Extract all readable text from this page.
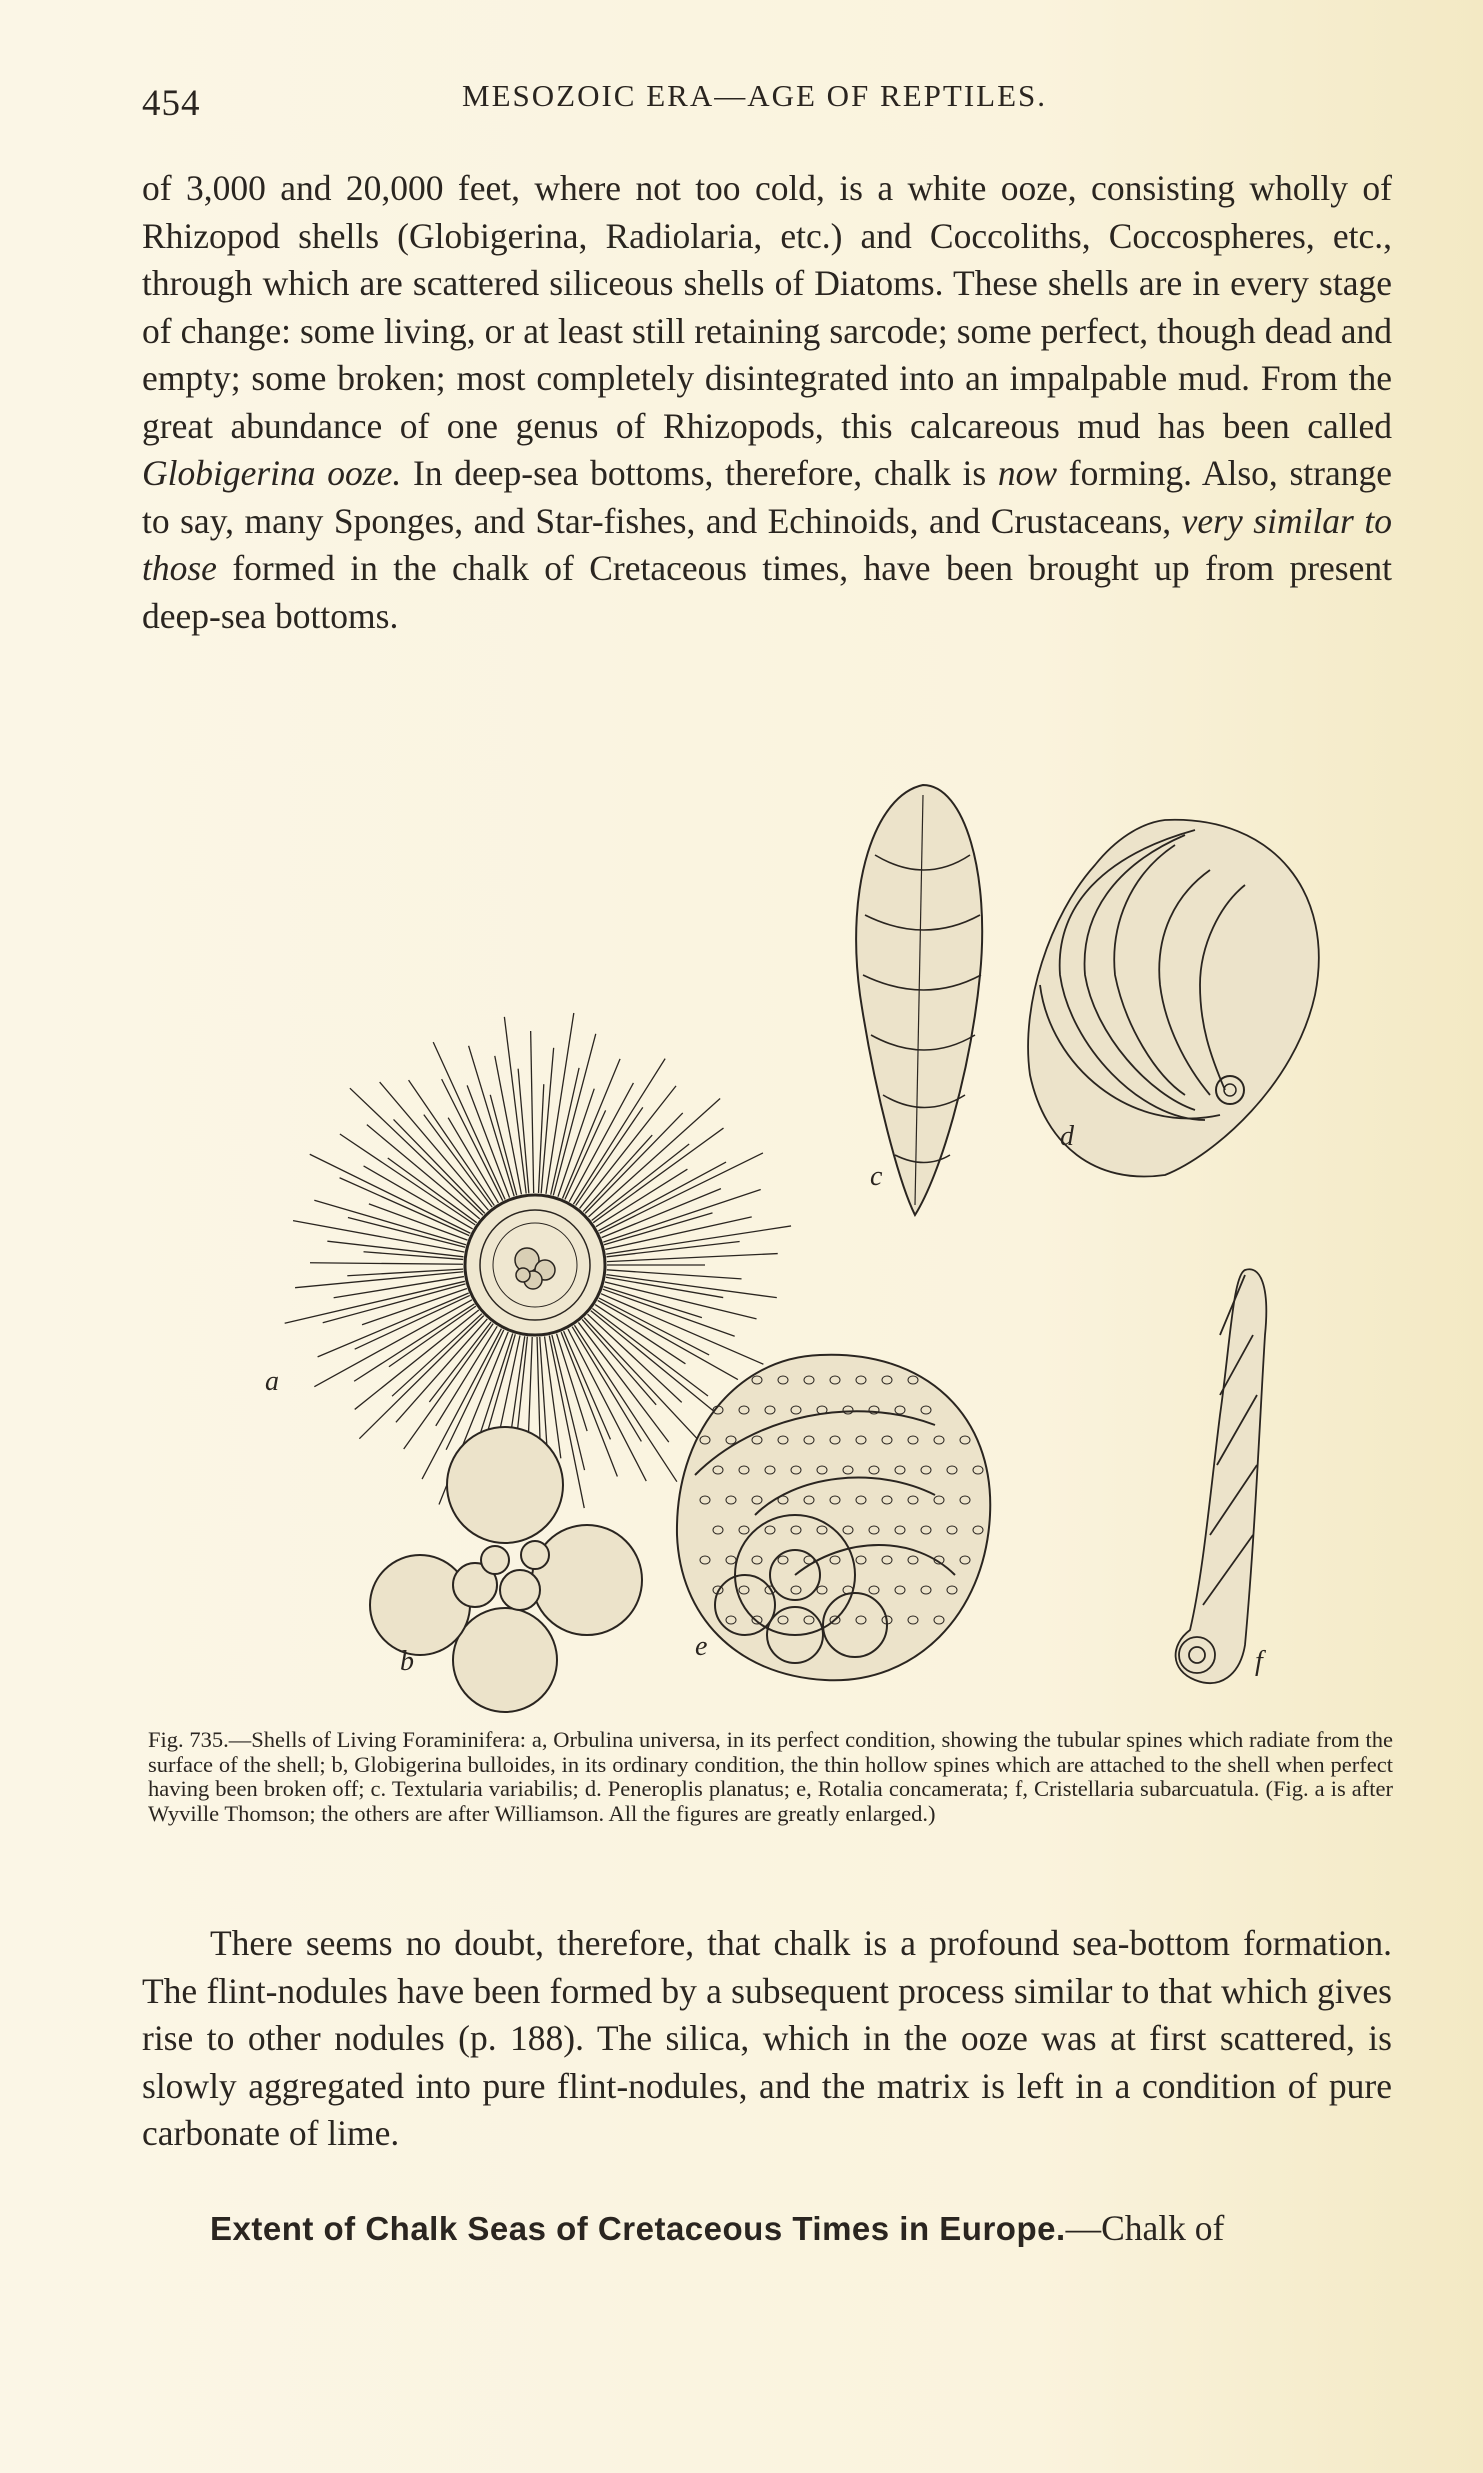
454	MESOZOIC ERA—AGE OF REPTILES.

of 3,000 and 20,000 feet, where not too cold, is a white ooze, consisting wholly of Rhizopod shells (Globigerina, Radiolaria, etc.) and Coccoliths, Coccospheres, etc., through which are scattered siliceous shells of Diatoms. These shells are in every stage of change: some living, or at least still retaining sarcode; some perfect, though dead and empty; some broken; most completely disintegrated into an impalpable mud. From the great abundance of one genus of Rhizopods, this calcareous mud has been called Globigerina ooze. In deep-sea bottoms, therefore, chalk is now forming. Also, strange to say, many Sponges, and Star-fishes, and Echinoids, and Crustaceans, very similar to those formed in the chalk of Cretaceous times, have been brought up from present deep-sea bottoms.

a
b
c
d
e	f
Fig. 735.—Shells of Living Foraminifera: a, Orbulina universa, in its perfect condition, showing the tubular spines which radiate from the surface of the shell; b, Globigerina bulloides, in its ordinary condition, the thin hollow spines which are attached to the shell when perfect having been broken off; c. Textularia variabilis; d. Peneroplis planatus; e, Rotalia concamerata; f, Cristellaria subarcuatula. (Fig. a is after Wyville Thomson; the others are after Williamson. All the figures are greatly enlarged.)

There seems no doubt, therefore, that chalk is a profound sea-bottom formation. The flint-nodules have been formed by a subsequent process similar to that which gives rise to other nodules (p. 188). The silica, which in the ooze was at first scattered, is slowly aggregated into pure flint-nodules, and the matrix is left in a condition of pure carbonate of lime.

Extent of Chalk Seas of Cretaceous Times in Europe.—Chalk of
